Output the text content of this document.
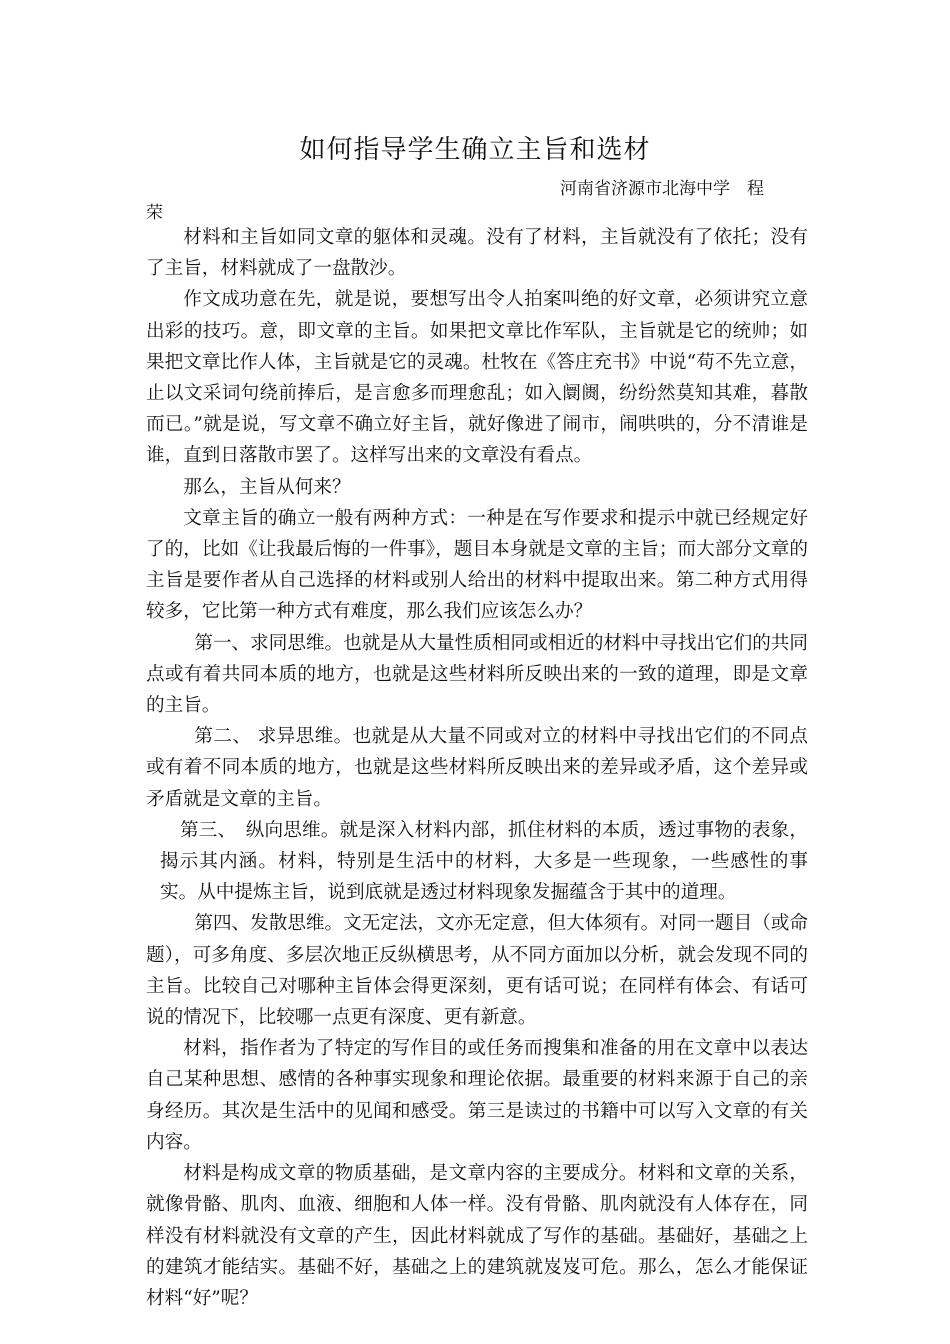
如何指导学生确立主旨和选材
河南省济源市北海中学　程
荣

材料和主旨如同文章的躯体和灵魂。没有了材料，主旨就没有了依托；没有了主旨，材料就成了一盘散沙。

作文成功意在先，就是说，要想写出令人拍案叫绝的好文章，必须讲究立意出彩的技巧。意，即文章的主旨。如果把文章比作军队，主旨就是它的统帅；如果把文章比作人体，主旨就是它的灵魂。杜牧在《答庄充书》中说“苟不先立意，止以文采词句绕前捧后，是言愈多而理愈乱；如入阛阓，纷纷然莫知其难，暮散而已。”就是说，写文章不确立好主旨，就好像进了闹市，闹哄哄的，分不清谁是谁，直到日落散市罢了。这样写出来的文章没有看点。

那么，主旨从何来？

文章主旨的确立一般有两种方式：一种是在写作要求和提示中就已经规定好了的，比如《让我最后悔的一件事》，题目本身就是文章的主旨；而大部分文章的主旨是要作者从自己选择的材料或别人给出的材料中提取出来。第二种方式用得较多，它比第一种方式有难度，那么我们应该怎么办？

第一、求同思维。也就是从大量性质相同或相近的材料中寻找出它们的共同点或有着共同本质的地方，也就是这些材料所反映出来的一致的道理，即是文章的主旨。

第二、 求异思维。也就是从大量不同或对立的材料中寻找出它们的不同点或有着不同本质的地方，也就是这些材料所反映出来的差异或矛盾，这个差异或矛盾就是文章的主旨。

第三、　纵向思维。就是深入材料内部，抓住材料的本质，透过事物的表象，揭示其内涵。材料，特别是生活中的材料，大多是一些现象，一些感性的事实。从中提炼主旨，说到底就是透过材料现象发掘蕴含于其中的道理。

第四、发散思维。文无定法，文亦无定意，但大体须有。对同一题目（或命题），可多角度、多层次地正反纵横思考，从不同方面加以分析，就会发现不同的主旨。比较自己对哪种主旨体会得更深刻，更有话可说；在同样有体会、有话可说的情况下，比较哪一点更有深度、更有新意。

材料，指作者为了特定的写作目的或任务而搜集和准备的用在文章中以表达自己某种思想、感情的各种事实现象和理论依据。最重要的材料来源于自己的亲身经历。其次是生活中的见闻和感受。第三是读过的书籍中可以写入文章的有关内容。

材料是构成文章的物质基础，是文章内容的主要成分。材料和文章的关系，就像骨骼、肌肉、血液、细胞和人体一样。没有骨骼、肌肉就没有人体存在，同样没有材料就没有文章的产生，因此材料就成了写作的基础。基础好，基础之上的建筑才能结实。基础不好，基础之上的建筑就岌岌可危。那么，怎么才能保证材料“好”呢？
